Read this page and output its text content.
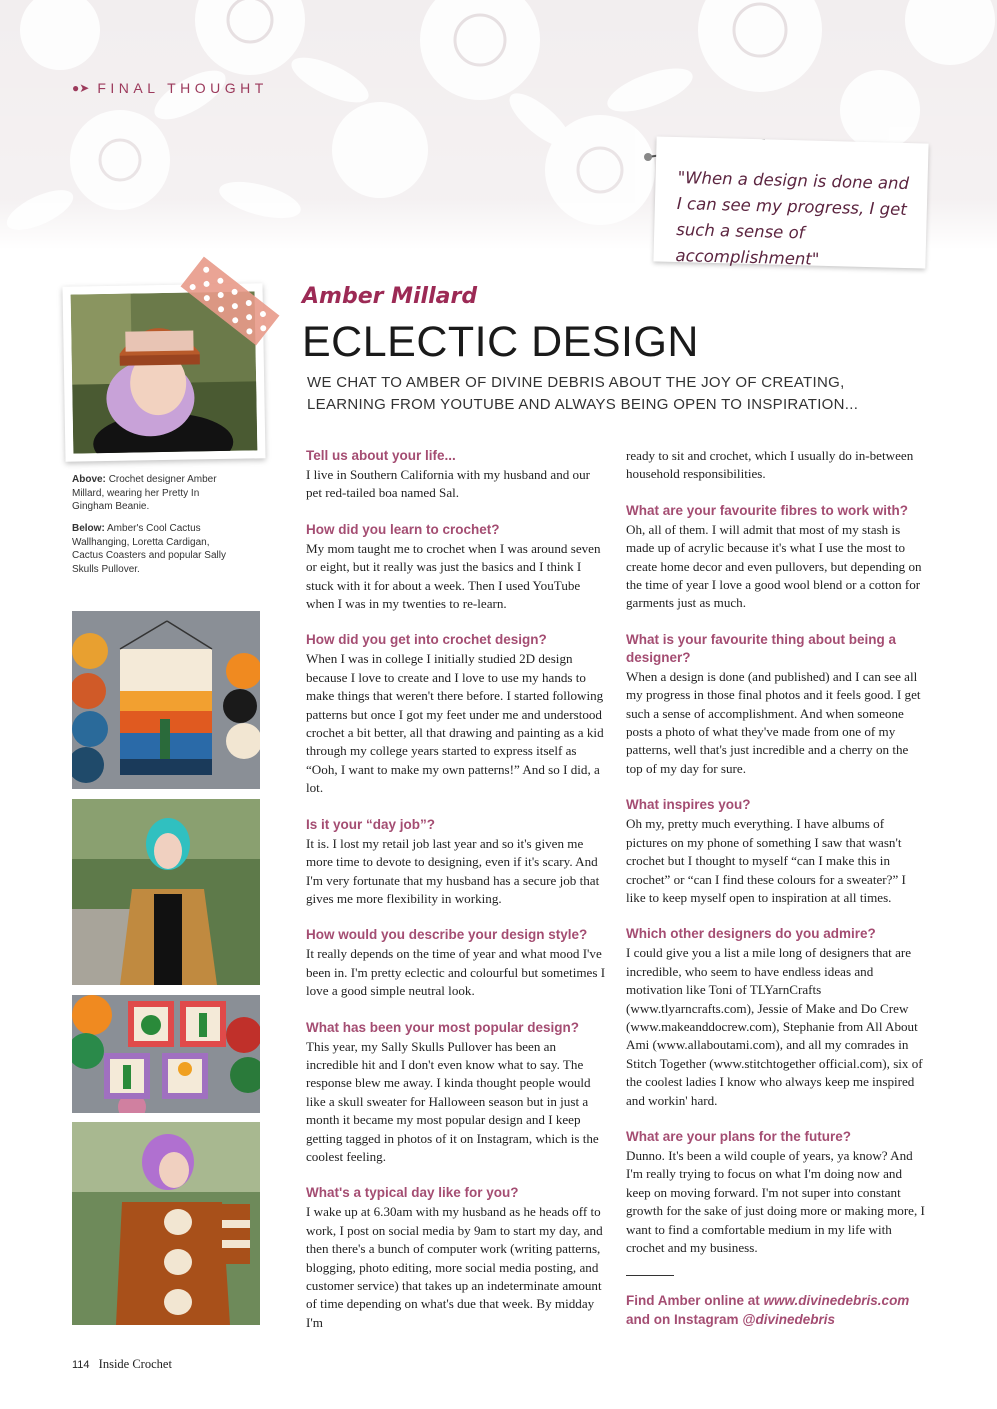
●➤ FINAL THOUGHT
"When a design is done and I can see my progress, I get such a sense of accomplishment"
Above: Crochet designer Amber Millard, wearing her Pretty In Gingham Beanie.
Below: Amber's Cool Cactus Wallhanging, Loretta Cardigan, Cactus Coasters and popular Sally Skulls Pullover.
Amber Millard
ECLECTIC DESIGN
WE CHAT TO AMBER OF DIVINE DEBRIS ABOUT THE JOY OF CREATING, LEARNING FROM YOUTUBE AND ALWAYS BEING OPEN TO INSPIRATION...
Tell us about your life...

I live in Southern California with my husband and our pet red-tailed boa named Sal.

How did you learn to crochet?

My mom taught me to crochet when I was around seven or eight, but it really was just the basics and I think I stuck with it for about a week. Then I used YouTube when I was in my twenties to re-learn.

How did you get into crochet design?

When I was in college I initially studied 2D design because I love to create and I love to use my hands to make things that weren't there before. I started following patterns but once I got my feet under me and understood crochet a bit better, all that drawing and painting as a kid through my college years started to express itself as “Ooh, I want to make my own patterns!” And so I did, a lot.

Is it your “day job”?

It is. I lost my retail job last year and so it's given me more time to devote to designing, even if it's scary. And I'm very fortunate that my husband has a secure job that gives me more flexibility in working.

How would you describe your design style?

It really depends on the time of year and what mood I've been in. I'm pretty eclectic and colourful but sometimes I love a good simple neutral look.

What has been your most popular design?

This year, my Sally Skulls Pullover has been an incredible hit and I don't even know what to say. The response blew me away. I kinda thought people would like a skull sweater for Halloween season but in just a month it became my most popular design and I keep getting tagged in photos of it on Instagram, which is the coolest feeling.

What's a typical day like for you?

I wake up at 6.30am with my husband as he heads off to work, I post on social media by 9am to start my day, and then there's a bunch of computer work (writing patterns, blogging, photo editing, more social media posting, and customer service) that takes up an indeterminate amount of time depending on what's due that week. By midday I'm

ready to sit and crochet, which I usually do in-between household responsibilities.

What are your favourite fibres to work with?

Oh, all of them. I will admit that most of my stash is made up of acrylic because it's what I use the most to create home decor and even pullovers, but depending on the time of year I love a good wool blend or a cotton for garments just as much.

What is your favourite thing about being a designer?

When a design is done (and published) and I can see all my progress in those final photos and it feels good. I get such a sense of accomplishment. And when someone posts a photo of what they've made from one of my patterns, well that's just incredible and a cherry on the top of my day for sure.

What inspires you?

Oh my, pretty much everything. I have albums of pictures on my phone of something I saw that wasn't crochet but I thought to myself “can I make this in crochet” or “can I find these colours for a sweater?” I like to keep myself open to inspiration at all times.

Which other designers do you admire?

I could give you a list a mile long of designers that are incredible, who seem to have endless ideas and motivation like Toni of TLYarnCrafts (www.tlyarncrafts.com), Jessie of Make and Do Crew (www.makeanddocrew.com), Stephanie from All About Ami (www.allaboutami.com), and all my comrades in Stitch Together (www.stitchtogether official.com), six of the coolest ladies I know who always keep me inspired and workin' hard.

What are your plans for the future?

Dunno. It's been a wild couple of years, ya know? And I'm really trying to focus on what I'm doing now and keep on moving forward. I'm not super into constant growth for the sake of just doing more or making more, I want to find a comfortable medium in my life with crochet and my business.

Find Amber online at www.divinedebris.com
and on Instagram @divinedebris
114 Inside Crochet
